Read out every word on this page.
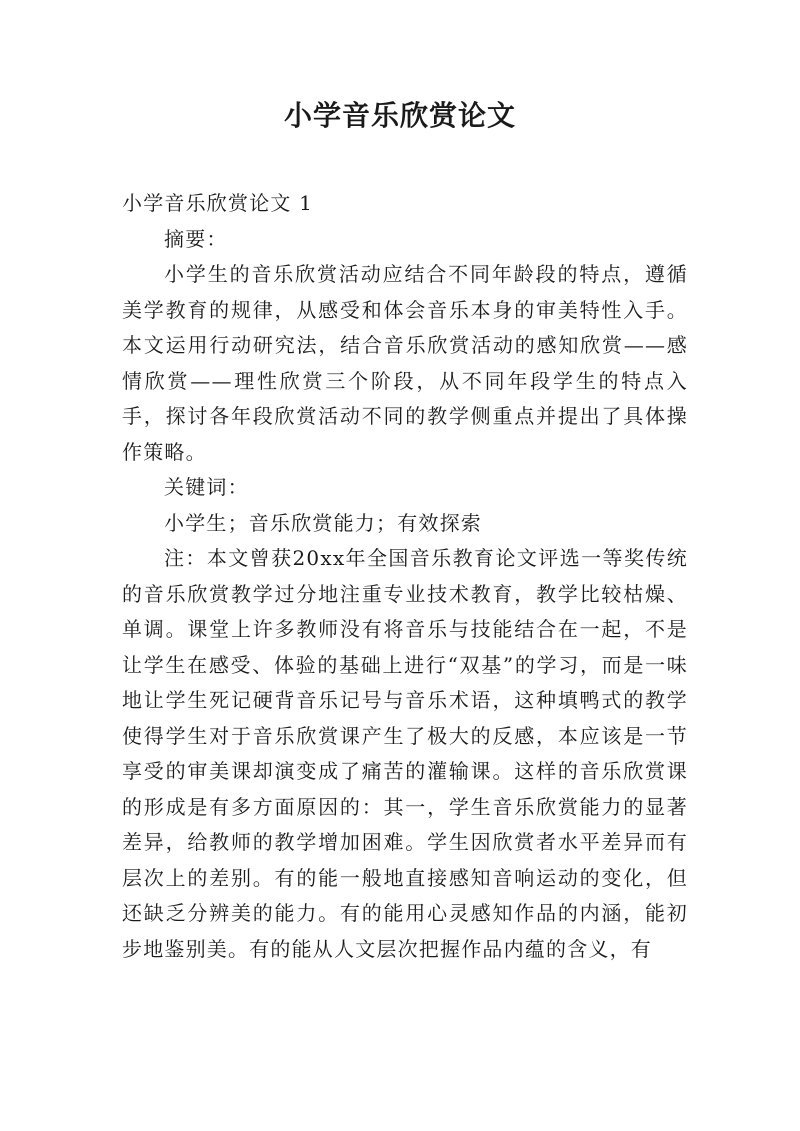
小学音乐欣赏论文

小学音乐欣赏论文 1

摘要：

小学生的音乐欣赏活动应结合不同年龄段的特点，遵循美学教育的规律，从感受和体会音乐本身的审美特性入手。本文运用行动研究法，结合音乐欣赏活动的感知欣赏——感情欣赏——理性欣赏三个阶段，从不同年段学生的特点入手，探讨各年段欣赏活动不同的教学侧重点并提出了具体操作策略。

关键词：

小学生；音乐欣赏能力；有效探索

注：本文曾获20xx年全国音乐教育论文评选一等奖传统的音乐欣赏教学过分地注重专业技术教育，教学比较枯燥、单调。课堂上许多教师没有将音乐与技能结合在一起，不是让学生在感受、体验的基础上进行“双基”的学习，而是一味地让学生死记硬背音乐记号与音乐术语，这种填鸭式的教学使得学生对于音乐欣赏课产生了极大的反感，本应该是一节享受的审美课却演变成了痛苦的灌输课。这样的音乐欣赏课的形成是有多方面原因的：其一，学生音乐欣赏能力的显著差异，给教师的教学增加困难。学生因欣赏者水平差异而有层次上的差别。有的能一般地直接感知音响运动的变化，但还缺乏分辨美的能力。有的能用心灵感知作品的内涵，能初步地鉴别美。有的能从人文层次把握作品内蕴的含义，有
